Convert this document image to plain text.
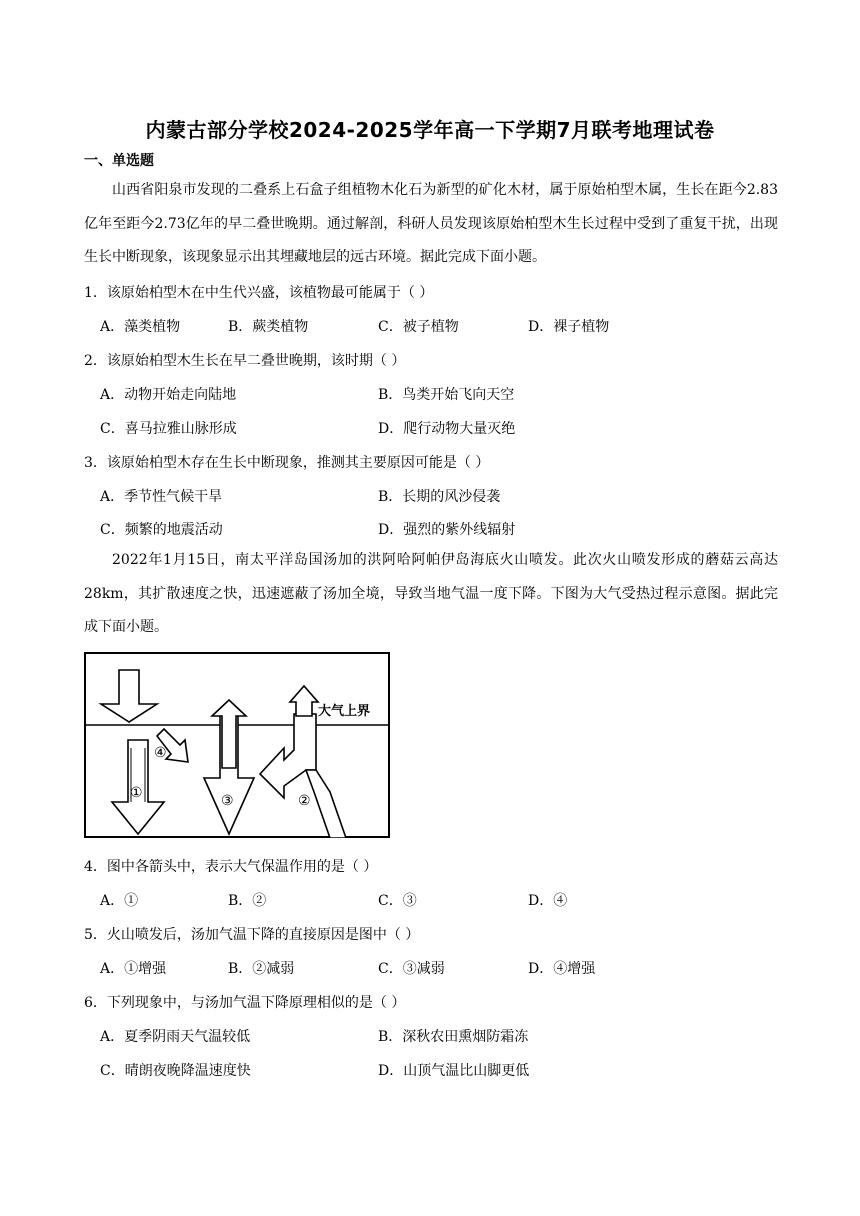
内蒙古部分学校2024-2025学年高一下学期7月联考地理试卷
一、单选题
山西省阳泉市发现的二叠系上石盒子组植物木化石为新型的矿化木材，属于原始柏型木属，生长在距今2.83亿年至距今2.73亿年的早二叠世晚期。通过解剖，科研人员发现该原始柏型木生长过程中受到了重复干扰，出现生长中断现象，该现象显示出其埋藏地层的远古环境。据此完成下面小题。
1．该原始柏型木在中生代兴盛，该植物最可能属于（ ）
A．藻类植物	B．蕨类植物	C．被子植物	D．裸子植物
2．该原始柏型木生长在早二叠世晚期，该时期（ ）
A．动物开始走向陆地	B．鸟类开始飞向天空
C．喜马拉雅山脉形成	D．爬行动物大量灭绝
3．该原始柏型木存在生长中断现象，推测其主要原因可能是（ ）
A．季节性气候干旱	B．长期的风沙侵袭
C．频繁的地震活动	D．强烈的紫外线辐射
2022年1月15日，南太平洋岛国汤加的洪阿哈阿帕伊岛海底火山喷发。此次火山喷发形成的蘑菇云高达28km，其扩散速度之快，迅速遮蔽了汤加全境，导致当地气温一度下降。下图为大气受热过程示意图。据此完成下面小题。
大气上界
①	②
③
④
4．图中各箭头中，表示大气保温作用的是（ ）
A．①	B．②	C．③	D．④
5．火山喷发后，汤加气温下降的直接原因是图中（ ）
A．①增强	B．②减弱	C．③减弱	D．④增强
6．下列现象中，与汤加气温下降原理相似的是（ ）
A．夏季阴雨天气温较低	B．深秋农田熏烟防霜冻
C．晴朗夜晚降温速度快	D．山顶气温比山脚更低
